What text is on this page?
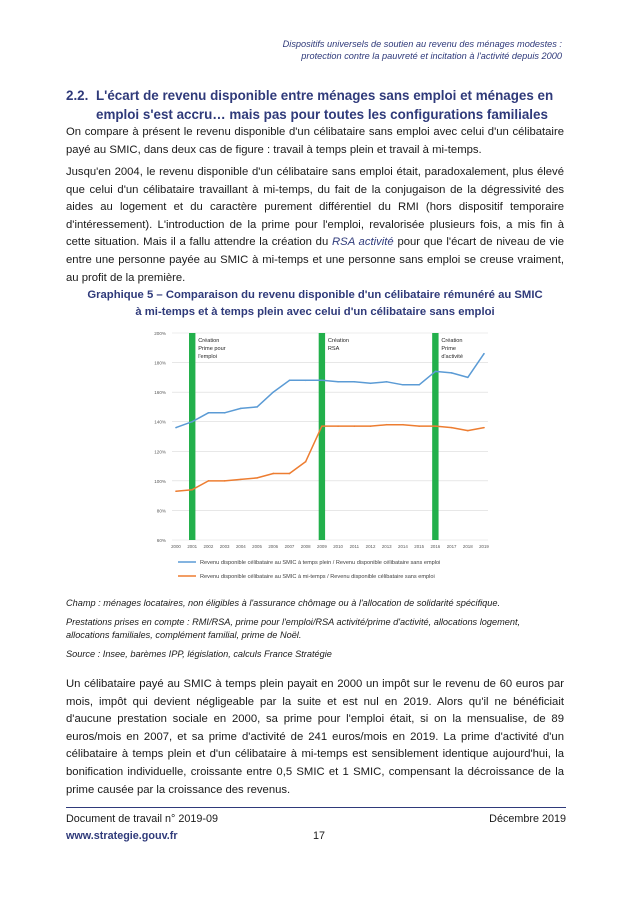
Dispositifs universels de soutien au revenu des ménages modestes :
protection contre la pauvreté et incitation à l'activité depuis 2000
2.2. L'écart de revenu disponible entre ménages sans emploi et ménages en emploi s'est accru… mais pas pour toutes les configurations familiales
On compare à présent le revenu disponible d'un célibataire sans emploi avec celui d'un célibataire payé au SMIC, dans deux cas de figure : travail à temps plein et travail à mi-temps.
Jusqu'en 2004, le revenu disponible d'un célibataire sans emploi était, paradoxalement, plus élevé que celui d'un célibataire travaillant à mi-temps, du fait de la conjugaison de la dégressivité des aides au logement et du caractère purement différentiel du RMI (hors dispositif temporaire d'intéressement). L'introduction de la prime pour l'emploi, revalorisée plusieurs fois, a mis fin à cette situation. Mais il a fallu attendre la création du RSA activité pour que l'écart de niveau de vie entre une personne payée au SMIC à mi-temps et une personne sans emploi se creuse vraiment, au profit de la première.
Graphique 5 – Comparaison du revenu disponible d'un célibataire rémunéré au SMIC
à mi-temps et à temps plein avec celui d'un célibataire sans emploi
60%
80%
100%
120%
140%
160%
180%
200%
2000 2001 2002 2003 2004 2005 2006 2007 2008 2009 2010 2011 2012 2013 2014 2015 2016 2017 2018 2019
Création
Prime pour
l'emploi
Création
RSA
Création
Prime
d'activité
Revenu disponible célibataire au SMIC à temps plein / Revenu disponible célibataire sans emploi
Revenu disponible célibataire au SMIC à mi-temps / Revenu disponible célibataire sans emploi
Champ : ménages locataires, non éligibles à l'assurance chômage ou à l'allocation de solidarité spécifique.
Prestations prises en compte : RMI/RSA, prime pour l'emploi/RSA activité/prime d'activité, allocations logement, allocations familiales, complément familial, prime de Noël.
Source : Insee, barèmes IPP, législation, calculs France Stratégie
Un célibataire payé au SMIC à temps plein payait en 2000 un impôt sur le revenu de 60 euros par mois, impôt qui devient négligeable par la suite et est nul en 2019. Alors qu'il ne bénéficiait d'aucune prestation sociale en 2000, sa prime pour l'emploi était, si on la mensualise, de 89 euros/mois en 2007, et sa prime d'activité de 241 euros/mois en 2019. La prime d'activité d'un célibataire à temps plein et d'un célibataire à mi-temps est sensiblement identique aujourd'hui, la bonification individuelle, croissante entre 0,5 SMIC et 1 SMIC, compensant la décroissance de la prime causée par la croissance des revenus.
Document de travail n° 2019-09	Décembre 2019
www.strategie.gouv.fr	17
